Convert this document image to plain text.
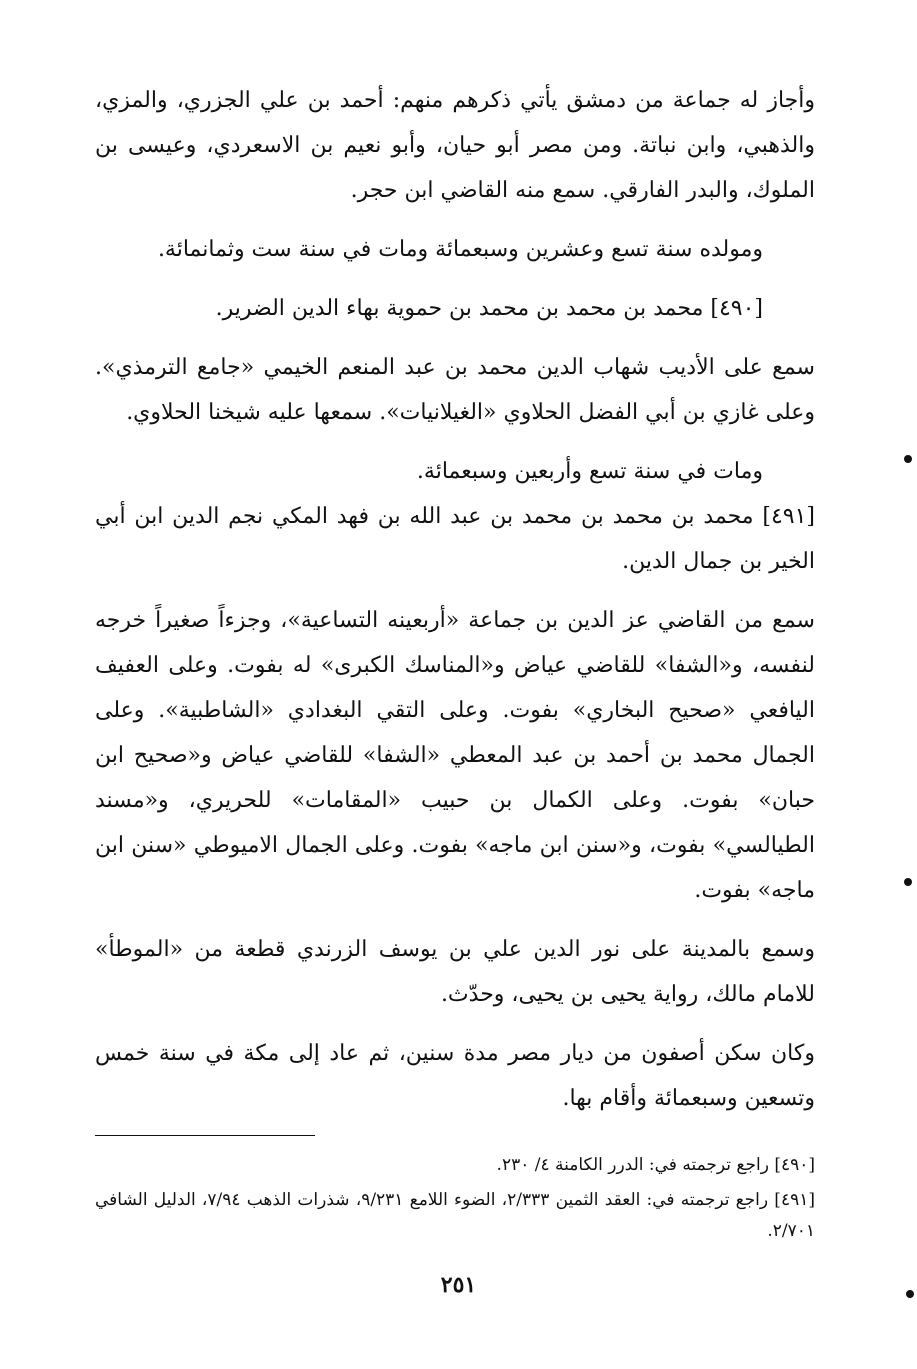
وأجاز له جماعة من دمشق يأتي ذكرهم منهم: أحمد بن علي الجزري، والمزي، والذهبي، وابن نباتة. ومن مصر أبو حيان، وأبو نعيم بن الاسعردي، وعيسى بن الملوك، والبدر الفارقي. سمع منه القاضي ابن حجر.

ومولده سنة تسع وعشرين وسبعمائة ومات في سنة ست وثمانمائة.

[٤٩٠] محمد بن محمد بن محمد بن حموية بهاء الدين الضرير.

سمع على الأديب شهاب الدين محمد بن عبد المنعم الخيمي «جامع الترمذي». وعلى غازي بن أبي الفضل الحلاوي «الغيلانيات». سمعها عليه شيخنا الحلاوي.

ومات في سنة تسع وأربعين وسبعمائة.

[٤٩١] محمد بن محمد بن محمد بن عبد الله بن فهد المكي نجم الدين ابن أبي الخير بن جمال الدين.

سمع من القاضي عز الدين بن جماعة «أربعينه التساعية»، وجزءاً صغيراً خرجه لنفسه، و«الشفا» للقاضي عياض و«المناسك الكبرى» له بفوت. وعلى العفيف اليافعي «صحيح البخاري» بفوت. وعلى التقي البغدادي «الشاطبية». وعلى الجمال محمد بن أحمد بن عبد المعطي «الشفا» للقاضي عياض و«صحيح ابن حبان» بفوت. وعلى الكمال بن حبيب «المقامات» للحريري، و«مسند الطيالسي» بفوت، و«سنن ابن ماجه» بفوت. وعلى الجمال الاميوطي «سنن ابن ماجه» بفوت.

وسمع بالمدينة على نور الدين علي بن يوسف الزرندي قطعة من «الموطأ» للامام مالك، رواية يحيى بن يحيى، وحدّث.

وكان سكن أصفون من ديار مصر مدة سنين، ثم عاد إلى مكة في سنة خمس وتسعين وسبعمائة وأقام بها.

[٤٩٠] راجع ترجمته في: الدرر الكامنة ٤/ ٢٣٠.

[٤٩١] راجع ترجمته في: العقد الثمين ٢/٣٣٣، الضوء اللامع ٩/٢٣١، شذرات الذهب ٧/٩٤، الدليل الشافي ٢/٧٠١.

٢٥١
